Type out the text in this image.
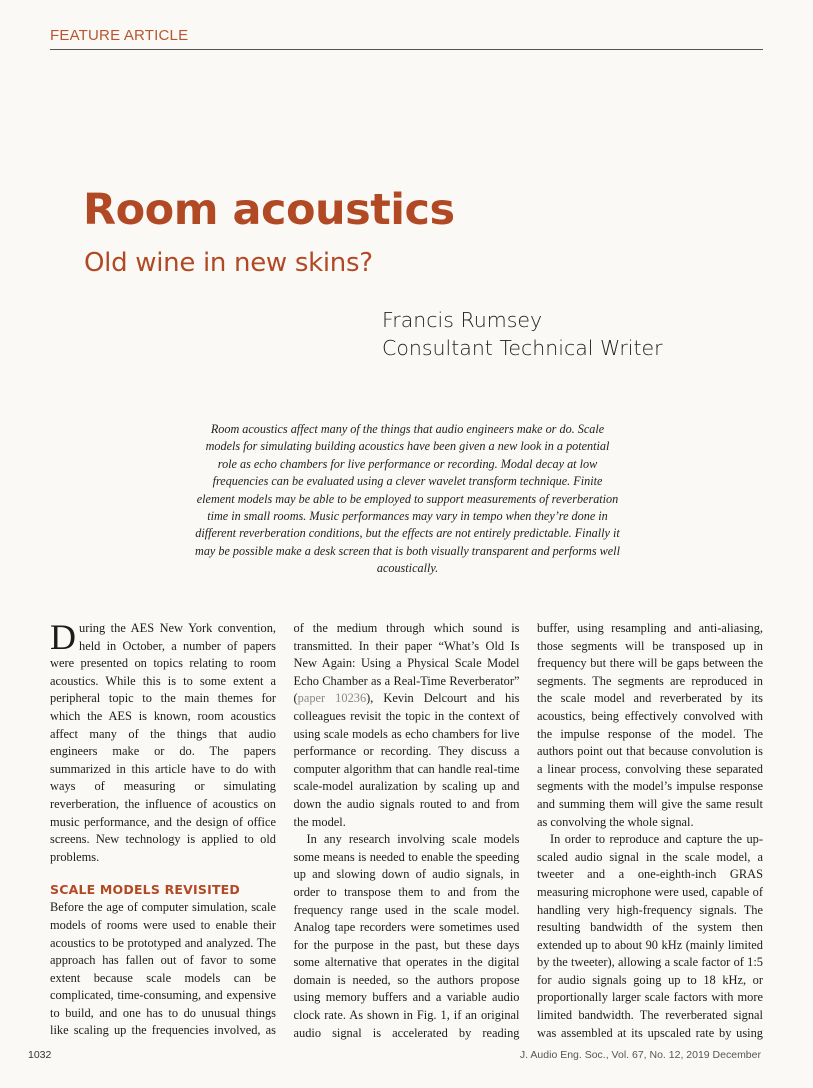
FEATURE ARTICLE
Room acoustics
Old wine in new skins?
Francis Rumsey
Consultant Technical Writer

Room acoustics affect many of the things that audio engineers make or do. Scale models for simulating building acoustics have been given a new look in a potential role as echo chambers for live performance or recording. Modal decay at low frequencies can be evaluated using a clever wavelet transform technique. Finite element models may be able to be employed to support measurements of reverberation time in small rooms. Music performances may vary in tempo when they’re done in different reverberation conditions, but the effects are not entirely predictable. Finally it may be possible make a desk screen that is both visually transparent and performs well acoustically.

During the AES New York convention, held in October, a number of papers were presented on topics relating to room acoustics. While this is to some extent a peripheral topic to the main themes for which the AES is known, room acoustics affect many of the things that audio engineers make or do. The papers summarized in this article have to do with ways of measuring or simulating reverberation, the influence of acoustics on music performance, and the design of office screens. New technology is applied to old problems.

SCALE MODELS REVISITED

Before the age of computer simulation, scale models of rooms were used to enable their acoustics to be prototyped and analyzed. The approach has fallen out of favor to some extent because scale models can be complicated, time-consuming, and expensive to build, and one has to do unusual things like scaling up the frequencies involved, as

of the medium through which sound is transmitted. In their paper “What’s Old Is New Again: Using a Physical Scale Model Echo Chamber as a Real-Time Reverberator” (paper 10236), Kevin Delcourt and his colleagues revisit the topic in the context of using scale models as echo chambers for live performance or recording. They discuss a computer algorithm that can handle real-time scale-model auralization by scaling up and down the audio signals routed to and from the model.

In any research involving scale models some means is needed to enable the speeding up and slowing down of audio signals, in order to transpose them to and from the frequency range used in the scale model. Analog tape recorders were sometimes used for the purpose in the past, but these days some alternative that operates in the digital domain is needed, so the authors propose using memory buffers and a variable audio clock rate. As shown in Fig. 1, if an original audio signal is accelerated by reading

buffer, using resampling and anti-aliasing, those segments will be transposed up in frequency but there will be gaps between the segments. The segments are reproduced in the scale model and reverberated by its acoustics, being effectively convolved with the impulse response of the model. The authors point out that because convolution is a linear process, convolving these separated segments with the model’s impulse response and summing them will give the same result as convolving the whole signal.

In order to reproduce and capture the up-scaled audio signal in the scale model, a tweeter and a one-eighth-inch GRAS measuring microphone were used, capable of handling very high-frequency signals. The resulting bandwidth of the system then extended up to about 90 kHz (mainly limited by the tweeter), allowing a scale factor of 1:5 for audio signals going up to 18 kHz, or proportionally larger scale factors with more limited bandwidth. The reverberated signal was assembled at its upscaled rate by using

1032	J. Audio Eng. Soc., Vol. 67, No. 12, 2019 December
